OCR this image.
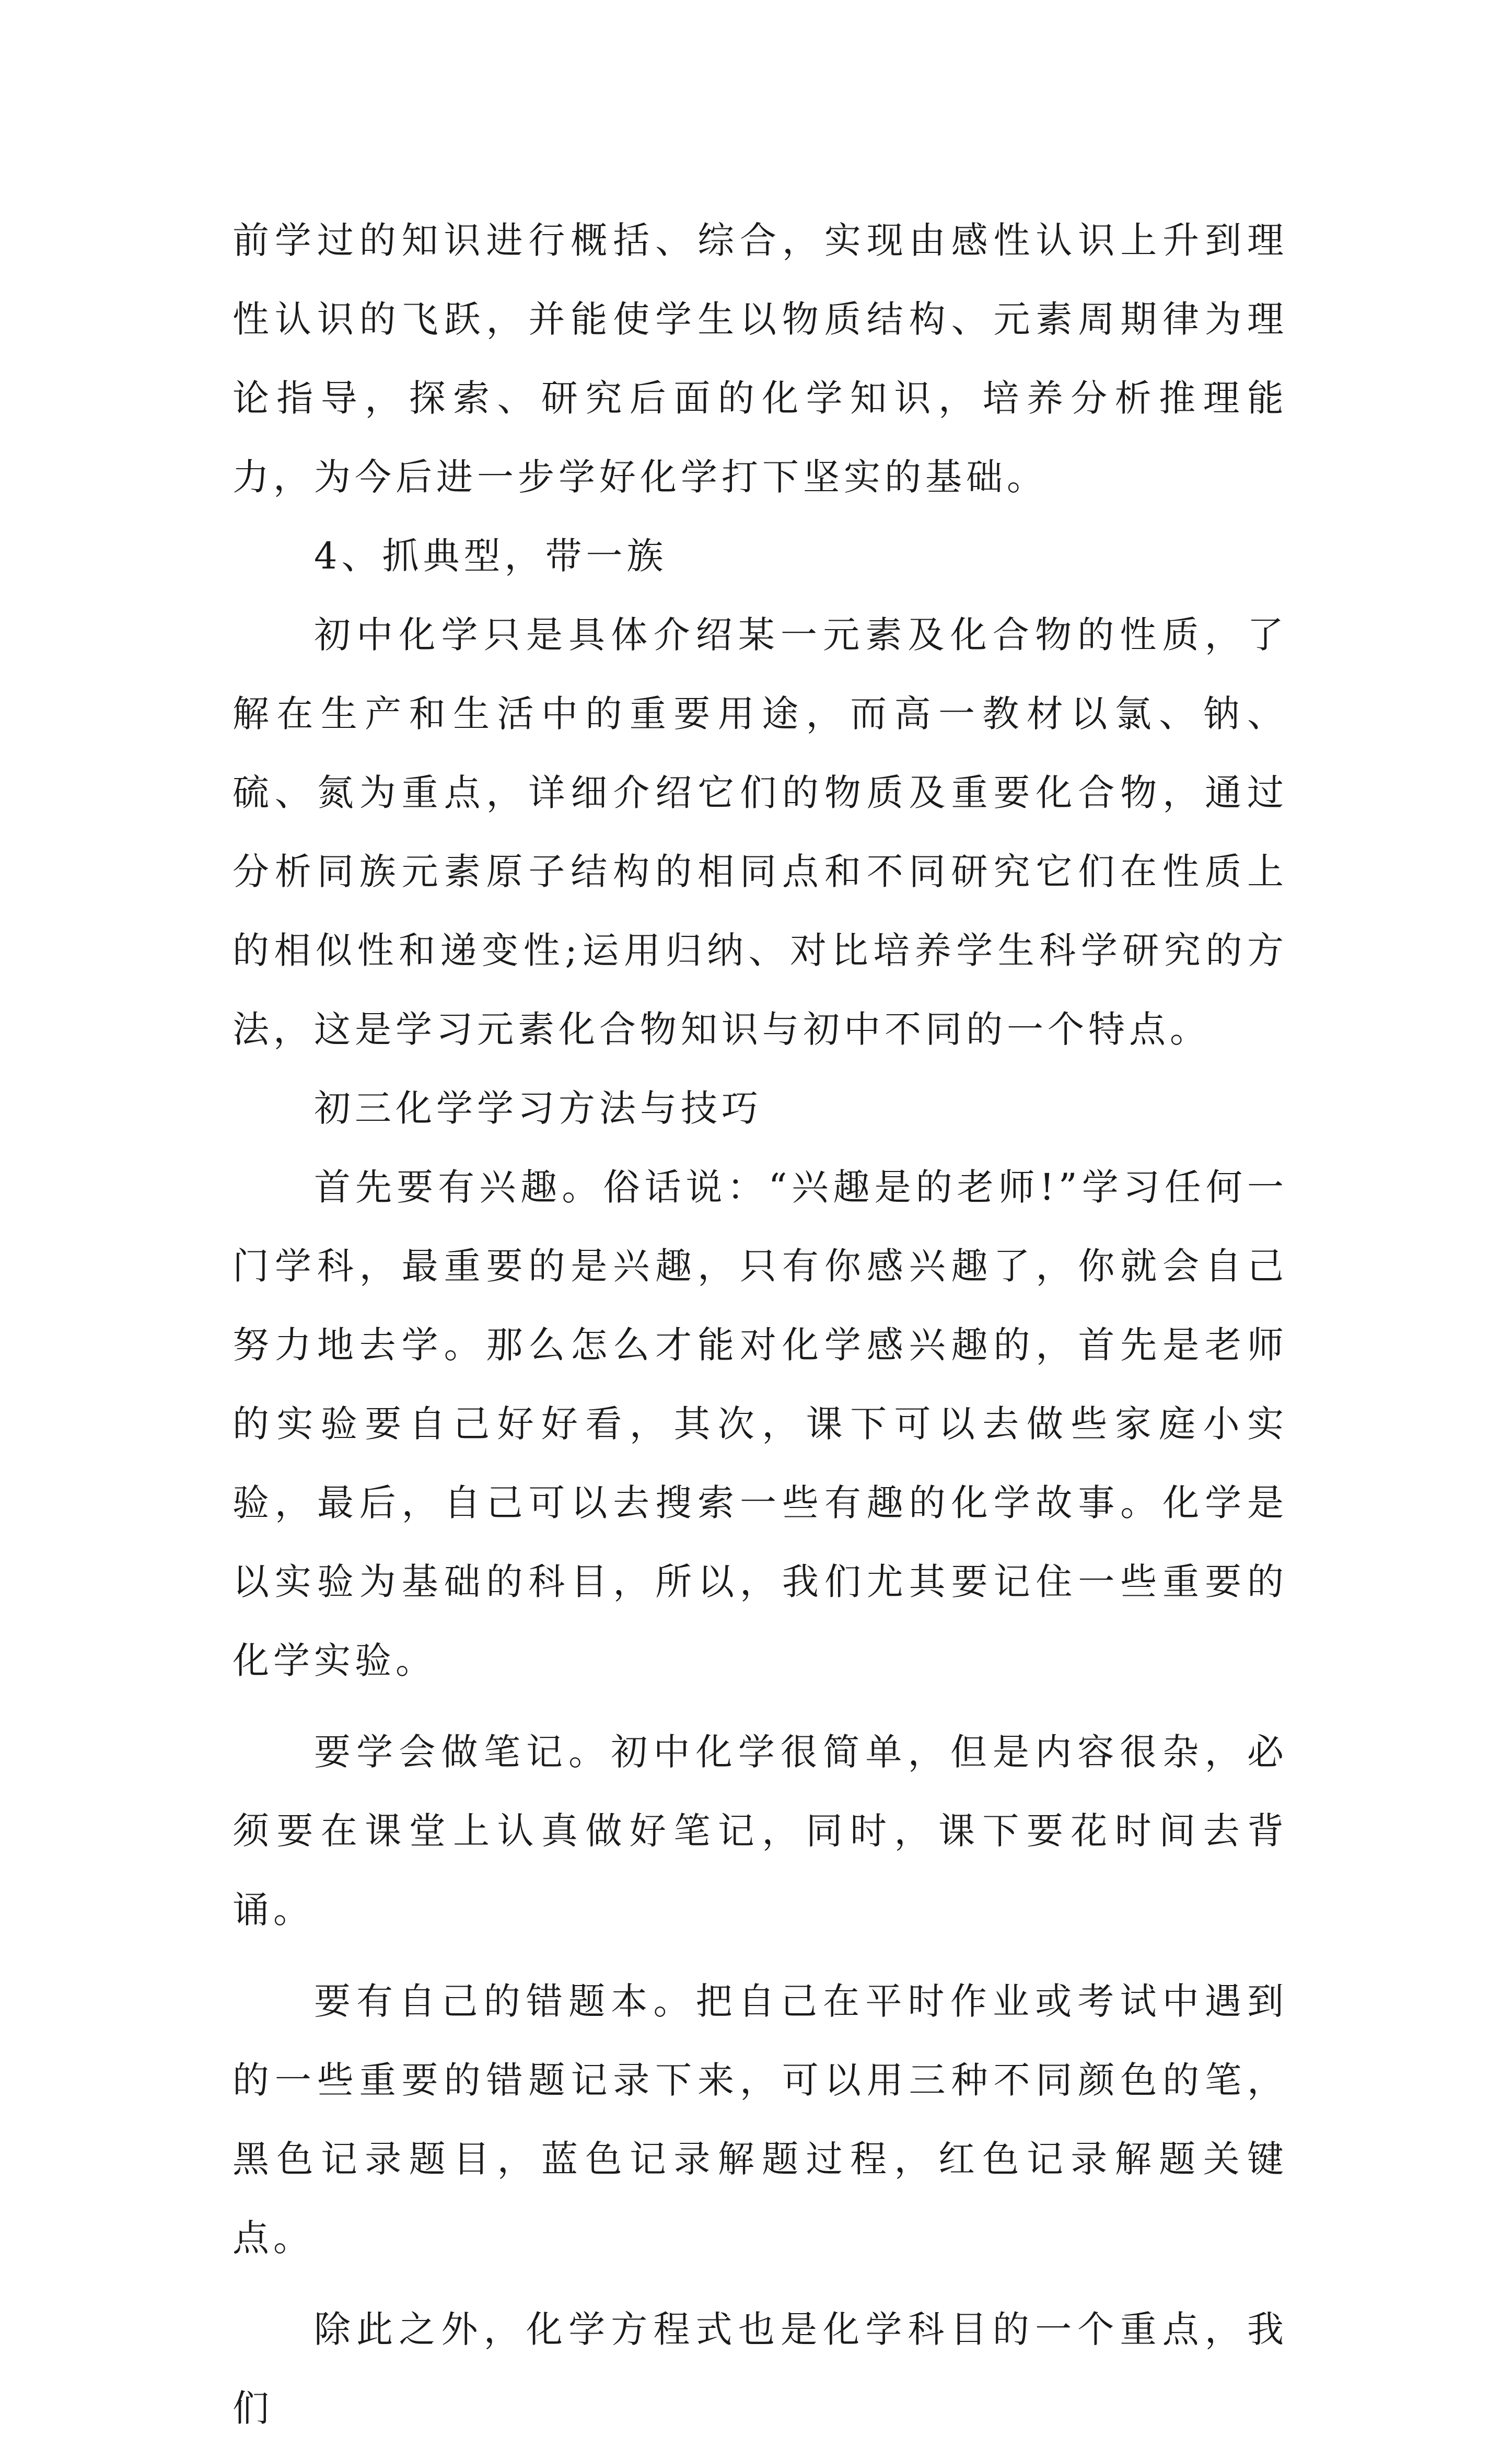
前学过的知识进行概括、综合，实现由感性认识上升到理性认识的飞跃，并能使学生以物质结构、元素周期律为理论指导，探索、研究后面的化学知识，培养分析推理能力，为今后进一步学好化学打下坚实的基础。

4、抓典型，带一族

初中化学只是具体介绍某一元素及化合物的性质，了解在生产和生活中的重要用途，而高一教材以氯、钠、硫、氮为重点，详细介绍它们的物质及重要化合物，通过分析同族元素原子结构的相同点和不同研究它们在性质上的相似性和递变性;运用归纳、对比培养学生科学研究的方法，这是学习元素化合物知识与初中不同的一个特点。

初三化学学习方法与技巧

首先要有兴趣。俗话说：“兴趣是的老师!”学习任何一门学科，最重要的是兴趣，只有你感兴趣了，你就会自己努力地去学。那么怎么才能对化学感兴趣的，首先是老师的实验要自己好好看，其次，课下可以去做些家庭小实验，最后，自己可以去搜索一些有趣的化学故事。化学是以实验为基础的科目，所以，我们尤其要记住一些重要的化学实验。

要学会做笔记。初中化学很简单，但是内容很杂，必须要在课堂上认真做好笔记，同时，课下要花时间去背诵。

要有自己的错题本。把自己在平时作业或考试中遇到的一些重要的错题记录下来，可以用三种不同颜色的笔，黑色记录题目，蓝色记录解题过程，红色记录解题关键点。

除此之外，化学方程式也是化学科目的一个重点，我们
